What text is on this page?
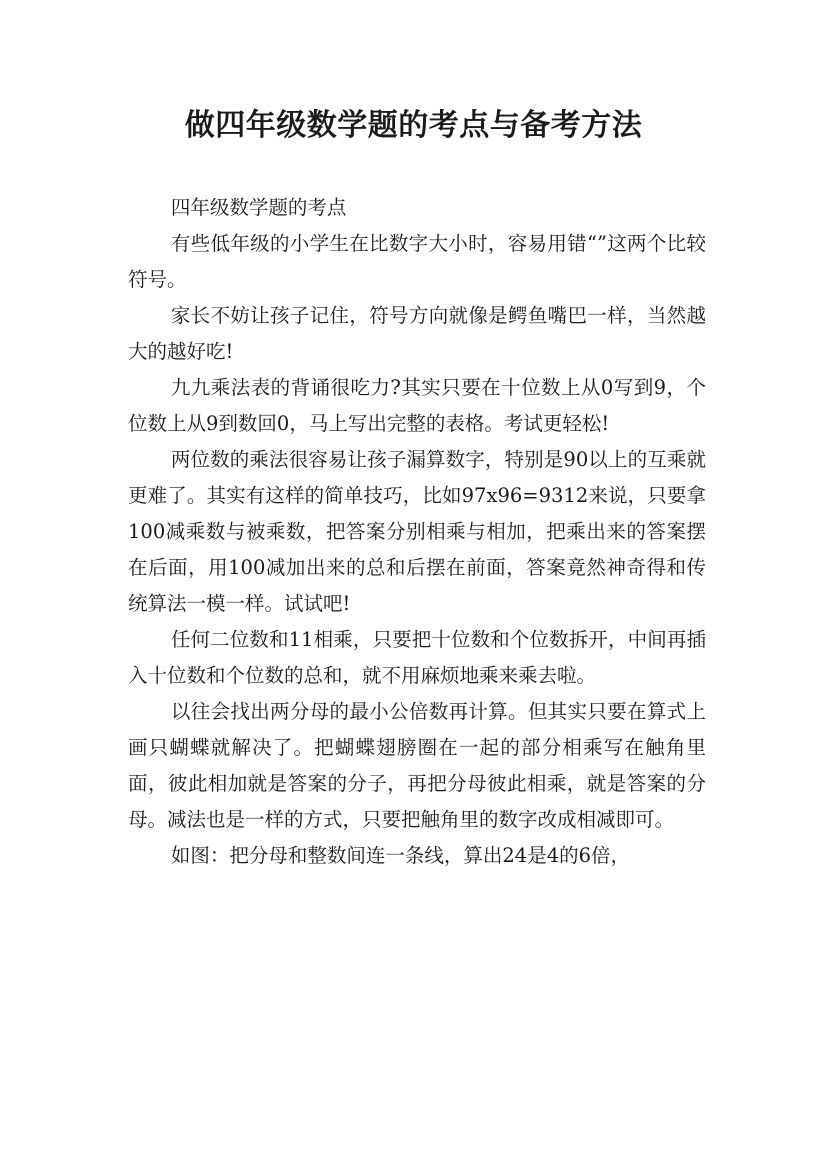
做四年级数学题的考点与备考方法

四年级数学题的考点

有些低年级的小学生在比数字大小时，容易用错“”这两个比较符号。

家长不妨让孩子记住，符号方向就像是鳄鱼嘴巴一样，当然越大的越好吃!

九九乘法表的背诵很吃力?其实只要在十位数上从0写到9，个位数上从9到数回0，马上写出完整的表格。考试更轻松!

两位数的乘法很容易让孩子漏算数字，特别是90以上的互乘就更难了。其实有这样的简单技巧，比如97x96=9312来说，只要拿100减乘数与被乘数，把答案分别相乘与相加，把乘出来的答案摆在后面，用100减加出来的总和后摆在前面，答案竟然神奇得和传统算法一模一样。试试吧!

任何二位数和11相乘，只要把十位数和个位数拆开，中间再插入十位数和个位数的总和，就不用麻烦地乘来乘去啦。

以往会找出两分母的最小公倍数再计算。但其实只要在算式上画只蝴蝶就解决了。把蝴蝶翅膀圈在一起的部分相乘写在触角里面，彼此相加就是答案的分子，再把分母彼此相乘，就是答案的分母。减法也是一样的方式，只要把触角里的数字改成相减即可。

如图：把分母和整数间连一条线，算出24是4的6倍，
